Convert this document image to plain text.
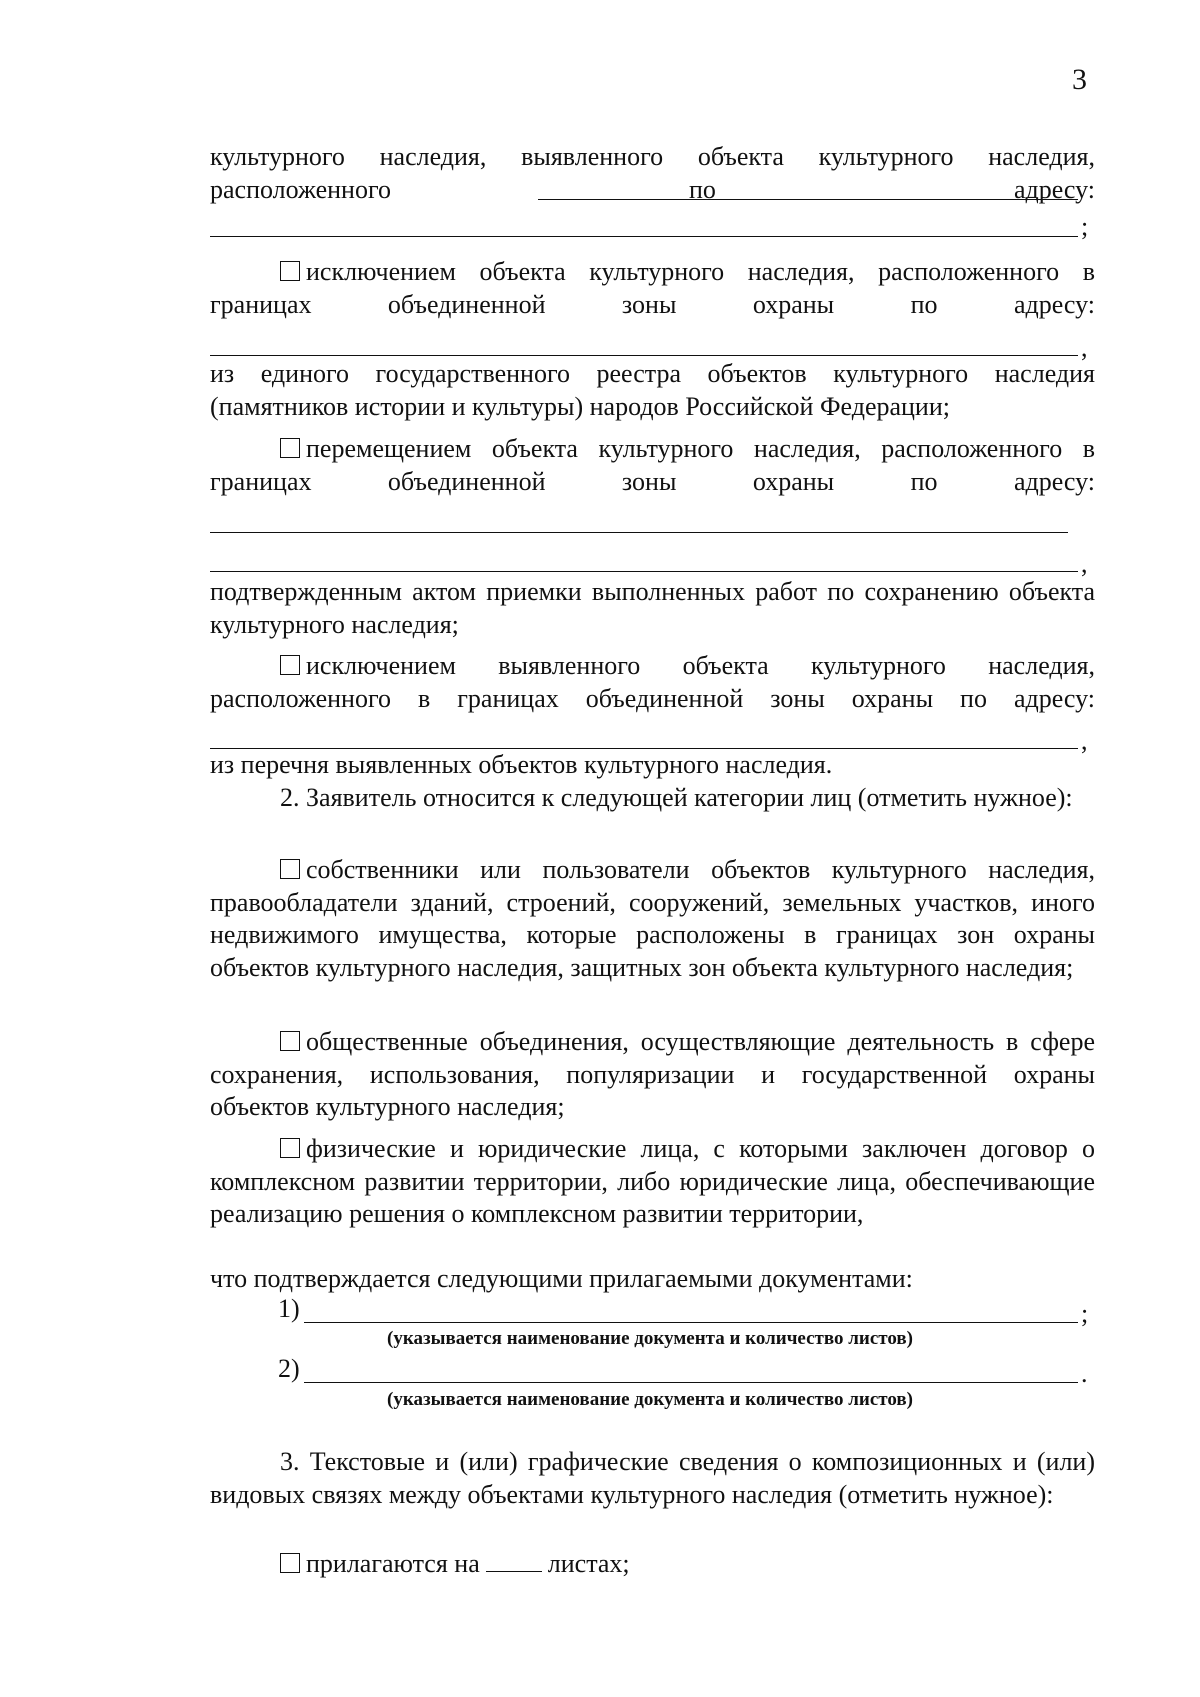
3
культурного наследия, выявленного объекта культурного наследия, расположенного по адресу:
;
исключением объекта культурного наследия, расположенного в границах объединенной зоны охраны по адресу:
,
из единого государственного реестра объектов культурного наследия (памятников истории и культуры) народов Российской Федерации;
перемещением объекта культурного наследия, расположенного в границах объединенной зоны охраны по адресу:
,
подтвержденным актом приемки выполненных работ по сохранению объекта культурного наследия;
исключением выявленного объекта культурного наследия, расположенного в границах объединенной зоны охраны по адресу:
,
из перечня выявленных объектов культурного наследия.
2. Заявитель относится к следующей категории лиц (отметить нужное):
собственники или пользователи объектов культурного наследия, правообладатели зданий, строений, сооружений, земельных участков, иного недвижимого имущества, которые расположены в границах зон охраны объектов культурного наследия, защитных зон объекта культурного наследия;
общественные объединения, осуществляющие деятельность в сфере сохранения, использования, популяризации и государственной охраны объектов культурного наследия;
физические и юридические лица, с которыми заключен договор о комплексном развитии территории, либо юридические лица, обеспечивающие реализацию решения о комплексном развитии территории,
что подтверждается следующими прилагаемыми документами:
1)	;
(указывается наименование документа и количество листов)
2)	.
(указывается наименование документа и количество листов)
3. Текстовые и (или) графические сведения о композиционных и (или) видовых связях между объектами культурного наследия (отметить нужное):
прилагаются на	листах;
